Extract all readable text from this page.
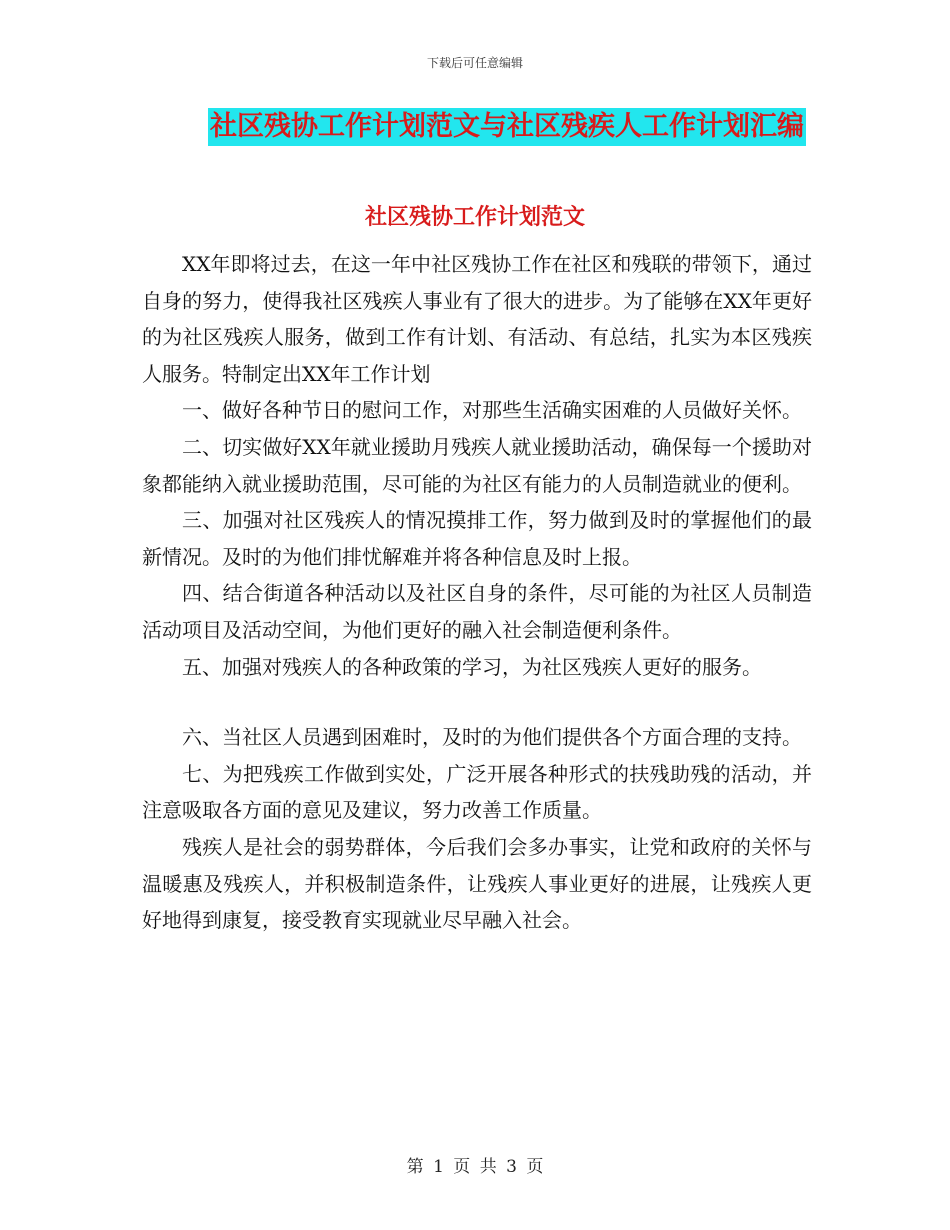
下载后可任意编辑
社区残协工作计划范文与社区残疾人工作计划汇编
社区残协工作计划范文

XX年即将过去，在这一年中社区残协工作在社区和残联的带领下，通过自身的努力，使得我社区残疾人事业有了很大的进步。为了能够在XX年更好的为社区残疾人服务，做到工作有计划、有活动、有总结，扎实为本区残疾人服务。特制定出XX年工作计划

一、做好各种节日的慰问工作，对那些生活确实困难的人员做好关怀。

二、切实做好XX年就业援助月残疾人就业援助活动，确保每一个援助对象都能纳入就业援助范围，尽可能的为社区有能力的人员制造就业的便利。

三、加强对社区残疾人的情况摸排工作，努力做到及时的掌握他们的最新情况。及时的为他们排忧解难并将各种信息及时上报。

四、结合街道各种活动以及社区自身的条件，尽可能的为社区人员制造活动项目及活动空间，为他们更好的融入社会制造便利条件。

五、加强对残疾人的各种政策的学习，为社区残疾人更好的服务。

六、当社区人员遇到困难时，及时的为他们提供各个方面合理的支持。

七、为把残疾工作做到实处，广泛开展各种形式的扶残助残的活动，并注意吸取各方面的意见及建议，努力改善工作质量。

残疾人是社会的弱势群体，今后我们会多办事实，让党和政府的关怀与温暖惠及残疾人，并积极制造条件，让残疾人事业更好的进展，让残疾人更好地得到康复，接受教育实现就业尽早融入社会。

第 1 页 共 3 页
